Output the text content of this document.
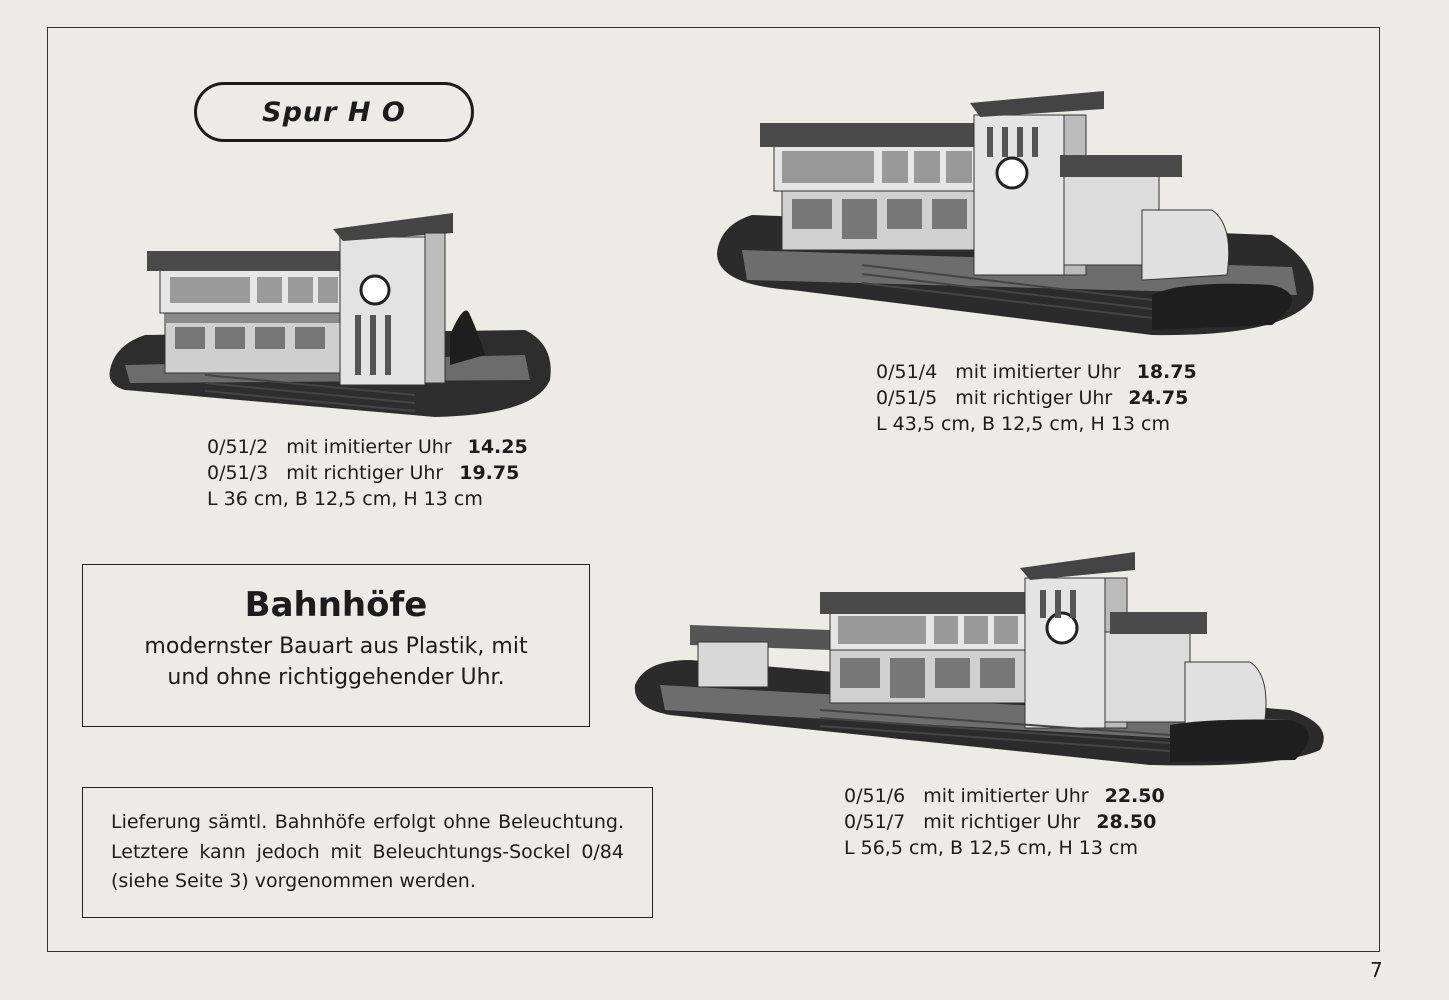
Spur H O
0/51/2 mit imitierter Uhr 14.25
0/51/3 mit richtiger Uhr 19.75
L 36 cm, B 12,5 cm, H 13 cm
0/51/4 mit imitierter Uhr 18.75
0/51/5 mit richtiger Uhr 24.75
L 43,5 cm, B 12,5 cm, H 13 cm
0/51/6 mit imitierter Uhr 22.50
0/51/7 mit richtiger Uhr 28.50
L 56,5 cm, B 12,5 cm, H 13 cm
Bahnhöfe
modernster Bauart aus Plastik, mit
und ohne richtiggehender Uhr.

Lieferung sämtl. Bahnhöfe erfolgt ohne Beleuchtung. Letztere kann jedoch mit Beleuchtungs-Sockel 0/84 (siehe Seite 3) vorgenommen werden.

7
